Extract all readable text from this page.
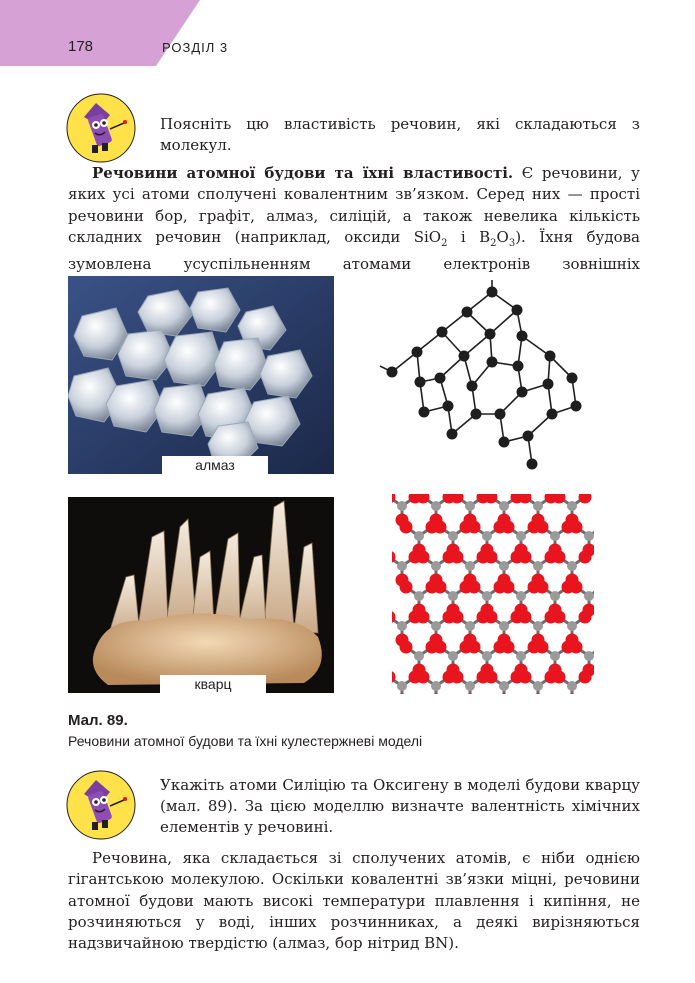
178	РОЗДІЛ 3
Поясніть цю властивість речовин, які складаються з молекул.
Речовини атомної будови та їхні властивості. Є речовини, у яких усі атоми сполучені ковалентним зв’язком. Серед них — прості речовини бор, графіт, алмаз, силіцій, а також невелика кількість складних речовин (наприклад, оксиди SiO$_2$ і $B_2O_3$). Їхня будова зумовлена усуспільненням атомами електронів зовнішніх
алмаз
кварц
Мал. 89.
Речовини атомної будови та їхні кулестержневі моделі
Укажіть атоми Силіцію та Оксигену в моделі будови кварцу (мал. 89). За цією моделлю визначте валентність хімічних елементів у речовині.
Речовина, яка складається зі сполучених атомів, є ніби однією гігантською молекулою. Оскільки ковалентні зв’язки міцні, речовини атомної будови мають високі температури плавлення і кипіння, не розчиняються у воді, інших розчинниках, а деякі вирізняються надзвичайною твердістю (алмаз, бор нітрид BN).
